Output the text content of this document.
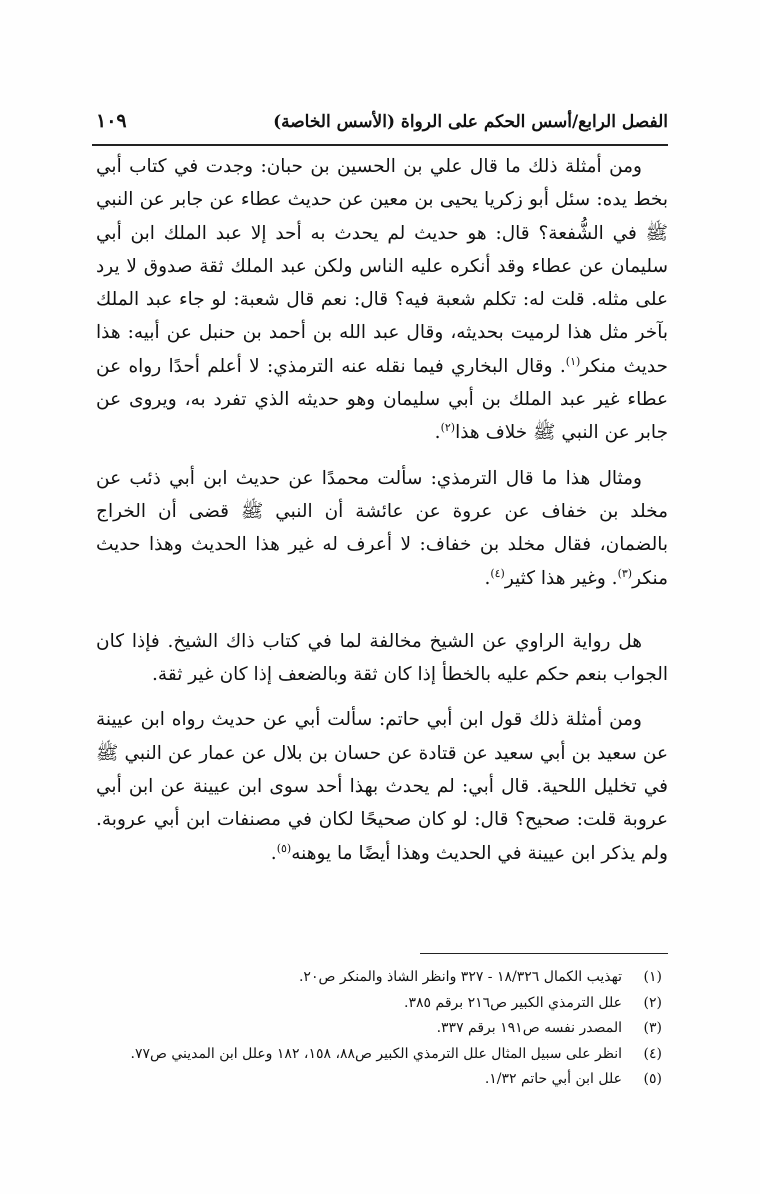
الفصل الرابع/أسس الحكم على الرواة (الأسس الخاصة)
١٠٩

ومن أمثلة ذلك ما قال علي بن الحسين بن حبان: وجدت في كتاب أبي بخط يده: سئل أبو زكريا يحيى بن معين عن حديث عطاء عن جابر عن النبي ﷺ في الشُّفعة؟ قال: هو حديث لم يحدث به أحد إلا عبد الملك ابن أبي سليمان عن عطاء وقد أنكره عليه الناس ولكن عبد الملك ثقة صدوق لا يرد على مثله. قلت له: تكلم شعبة فيه؟ قال: نعم قال شعبة: لو جاء عبد الملك بآخر مثل هذا لرميت بحديثه، وقال عبد الله بن أحمد بن حنبل عن أبيه: هذا حديث منكر$^{(١)}$. وقال البخاري فيما نقله عنه الترمذي: لا أعلم أحدًا رواه عن عطاء غير عبد الملك بن أبي سليمان وهو حديثه الذي تفرد به، ويروى عن جابر عن النبي ﷺ خلاف هذا$^{(٢)}$.

ومثال هذا ما قال الترمذي: سألت محمدًا عن حديث ابن أبي ذئب عن مخلد بن خفاف عن عروة عن عائشة أن النبي ﷺ قضى أن الخراج بالضمان، فقال مخلد بن خفاف: لا أعرف له غير هذا الحديث وهذا حديث منكر$^{(٣)}$. وغير هذا كثير$^{(٤)}$.

هل رواية الراوي عن الشيخ مخالفة لما في كتاب ذاك الشيخ. فإذا كان الجواب بنعم حكم عليه بالخطأ إذا كان ثقة وبالضعف إذا كان غير ثقة.

ومن أمثلة ذلك قول ابن أبي حاتم: سألت أبي عن حديث رواه ابن عيينة عن سعيد بن أبي سعيد عن قتادة عن حسان بن بلال عن عمار عن النبي ﷺ في تخليل اللحية. قال أبي: لم يحدث بهذا أحد سوى ابن عيينة عن ابن أبي عروبة قلت: صحيح؟ قال: لو كان صحيحًا لكان في مصنفات ابن أبي عروبة. ولم يذكر ابن عيينة في الحديث وهذا أيضًا ما يوهنه$^{(٥)}$.

(١)
تهذيب الكمال ١٨/٣٢٦ - ٣٢٧ وانظر الشاذ والمنكر ص٢٠.
(٢)
علل الترمذي الكبير ص٢١٦ برقم ٣٨٥.
(٣)
المصدر نفسه ص١٩١ برقم ٣٣٧.
(٤)
انظر على سبيل المثال علل الترمذي الكبير ص٨٨، ١٥٨، ١٨٢ وعلل ابن المديني ص٧٧.
(٥)
علل ابن أبي حاتم ١/٣٢.
